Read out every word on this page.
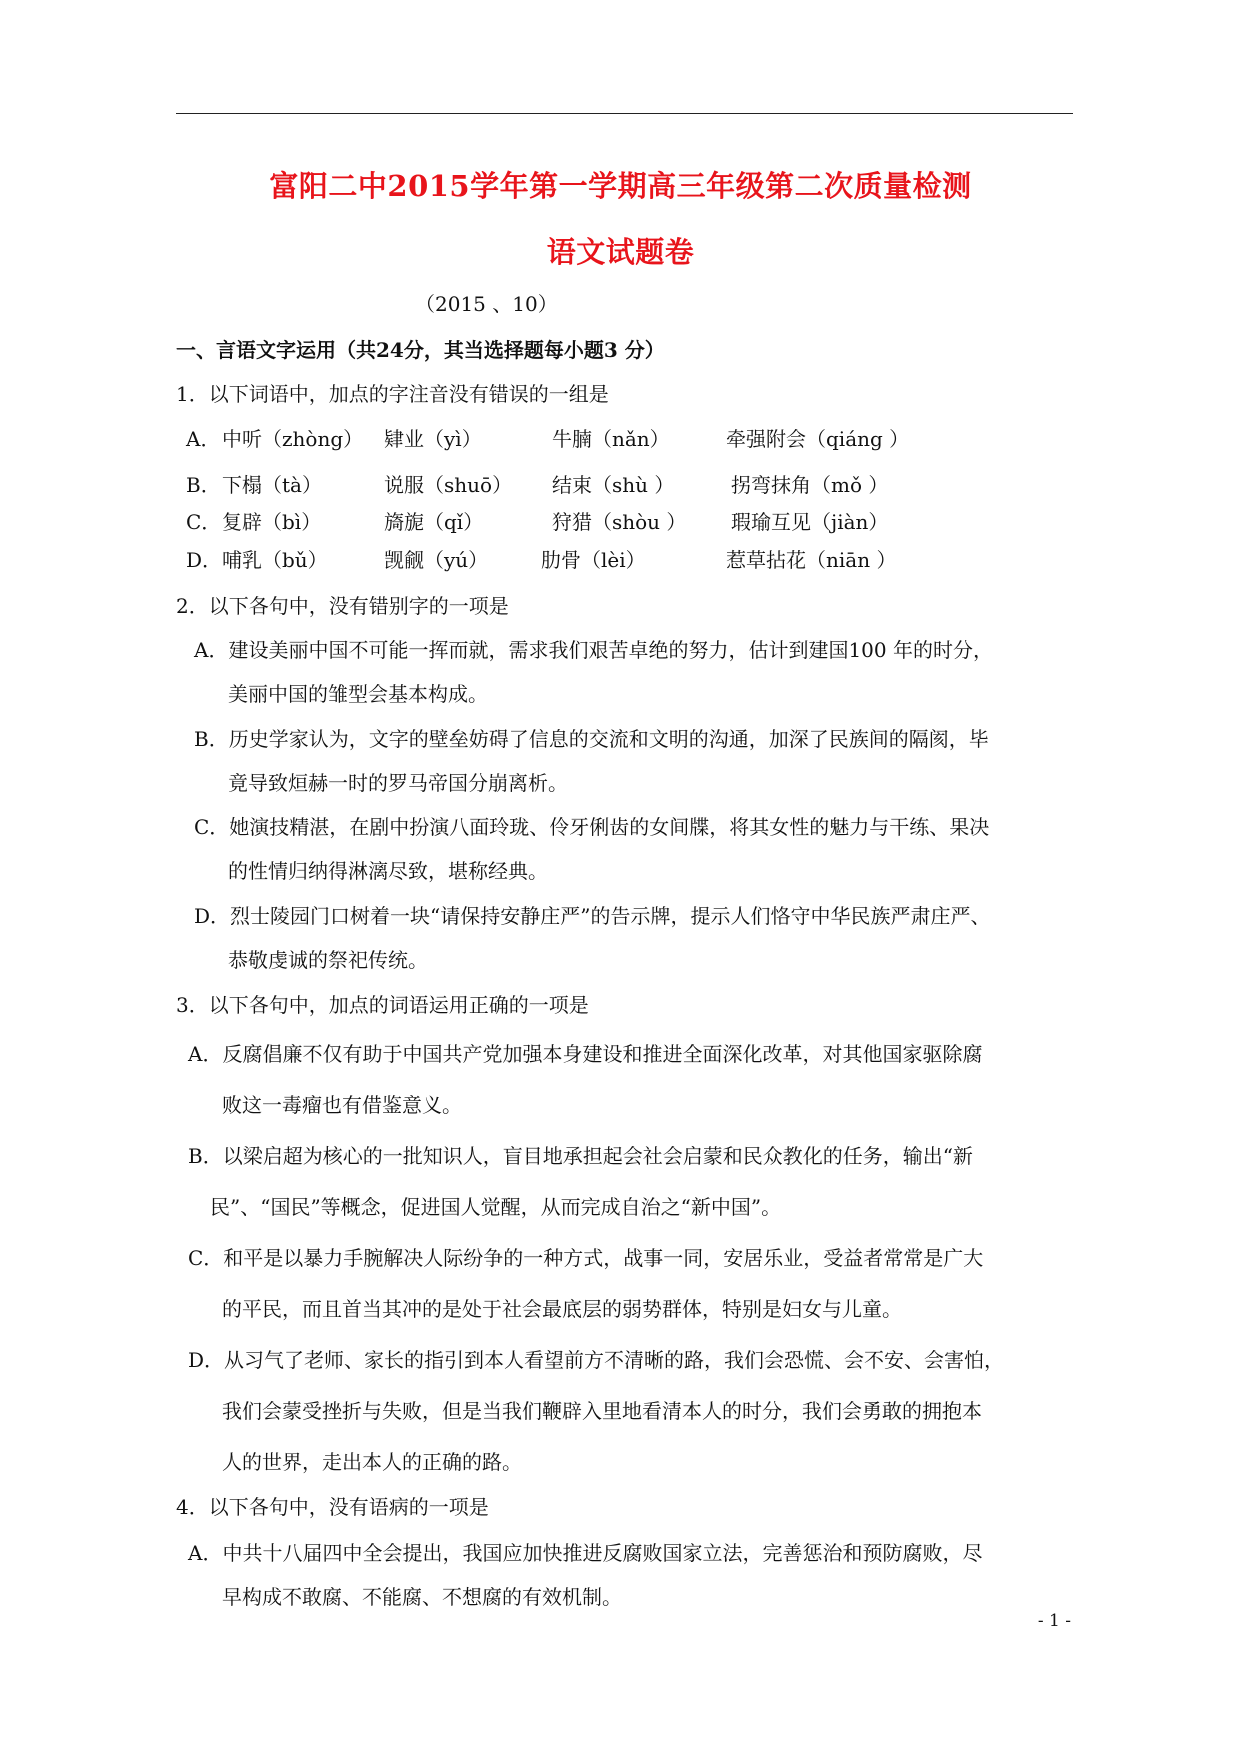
富阳二中2015学年第一学期高三年级第二次质量检测
语文试题卷
（2015 、10）
一、言语文字运用（共24分，其当选择题每小题3 分）
1．以下词语中，加点的字注音没有错误的一组是
A． 中听（zhòng） 肄业（yì）	牛腩（nǎn）	牵强附会（qiáng ）
B． 下榻（tà）	说服（shuō） 结束（shù ）	拐弯抹角（mǒ ）
C． 复辟（bì）	旖旎（qǐ）	狩猎（shòu ） 瑕瑜互见（jiàn）
D． 哺乳（bǔ）	觊觎（yú）	肋骨（lèi）	惹草拈花（niān ）
2．以下各句中，没有错别字的一项是
A．建设美丽中国不可能一挥而就，需求我们艰苦卓绝的努力，估计到建国100 年的时分，
美丽中国的雏型会基本构成。
B．历史学家认为，文字的壁垒妨碍了信息的交流和文明的沟通，加深了民族间的隔阂，毕
竟导致烜赫一时的罗马帝国分崩离析。
C．她演技精湛，在剧中扮演八面玲珑、伶牙俐齿的女间牒，将其女性的魅力与干练、果决
的性情归纳得淋漓尽致，堪称经典。
D．烈士陵园门口树着一块“请保持安静庄严”的告示牌，提示人们恪守中华民族严肃庄严、
恭敬虔诚的祭祀传统。
3．以下各句中，加点的词语运用正确的一项是
A．反腐倡廉不仅有助于中国共产党加强本身建设和推进全面深化改革，对其他国家驱除腐
败这一毒瘤也有借鉴意义。
B．以梁启超为核心的一批知识人，盲目地承担起会社会启蒙和民众教化的任务，输出“新
民”、“国民”等概念，促进国人觉醒，从而完成自治之“新中国”。
C．和平是以暴力手腕解决人际纷争的一种方式，战事一同，安居乐业，受益者常常是广大
的平民，而且首当其冲的是处于社会最底层的弱势群体，特别是妇女与儿童。
D．从习气了老师、家长的指引到本人看望前方不清晰的路，我们会恐慌、会不安、会害怕，
我们会蒙受挫折与失败，但是当我们鞭辟入里地看清本人的时分，我们会勇敢的拥抱本
人的世界，走出本人的正确的路。
4．以下各句中，没有语病的一项是
A．中共十八届四中全会提出，我国应加快推进反腐败国家立法，完善惩治和预防腐败，尽
早构成不敢腐、不能腐、不想腐的有效机制。
- 1 -
